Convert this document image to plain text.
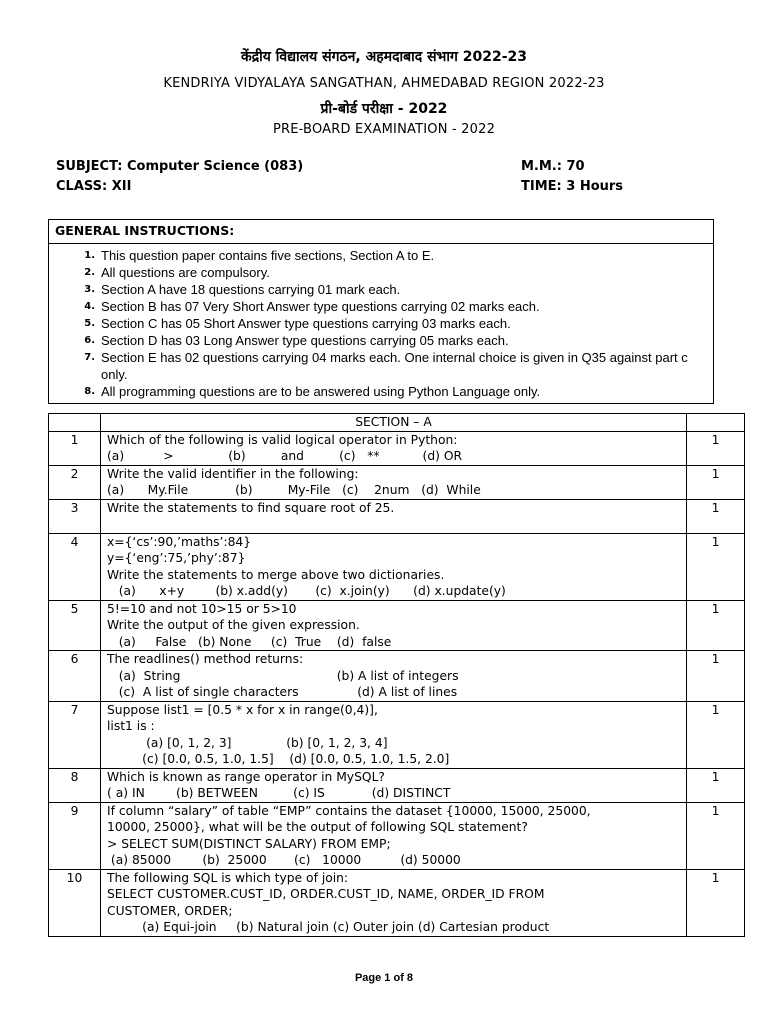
केंद्रीय विद्यालय संगठन, अहमदाबाद संभाग 2022-23
KENDRIYA VIDYALAYA SANGATHAN, AHMEDABAD REGION 2022-23
प्री-बोर्ड परीक्षा - 2022
PRE-BOARD EXAMINATION - 2022
SUBJECT: Computer Science (083)
CLASS: XII
M.M.: 70
TIME: 3 Hours
GENERAL INSTRUCTIONS:
1. This question paper contains five sections, Section A to E.
2. All questions are compulsory.
3. Section A have 18 questions carrying 01 mark each.
4. Section B has 07 Very Short Answer type questions carrying 02 marks each.
5. Section C has 05 Short Answer type questions carrying 03 marks each.
6. Section D has 03 Long Answer type questions carrying 05 marks each.
7. Section E has 02 questions carrying 04 marks each. One internal choice is given in Q35 against part c only.
8. All programming questions are to be answered using Python Language only.
	SECTION – A	
1	Which of the following is valid logical operator in Python:
(a)          >              (b)         and         (c)   **           (d) OR	1
2	Write the valid identifier in the following:
(a)      My.File            (b)         My-File   (c)    2num   (d)  While	1
3	Write the statements to find square root of 25.	1
4	x={‘cs’:90,’maths’:84}
y={‘eng’:75,’phy’:87}
Write the statements to merge above two dictionaries.
(a)      x+y        (b) x.add(y)       (c)  x.join(y)      (d) x.update(y)	1
5	5!=10 and not 10>15 or 5>10
Write the output of the given expression.
(a)     False   (b) None     (c)  True    (d)  false	1
6	The readlines() method returns:
(a)  String                                        (b) A list of integers
(c)  A list of single characters               (d) A list of lines	1
7	Suppose list1 = [0.5 * x for x in range(0,4)],
list1 is :
(a) [0, 1, 2, 3]              (b) [0, 1, 2, 3, 4]
(c) [0.0, 0.5, 1.0, 1.5]    (d) [0.0, 0.5, 1.0, 1.5, 2.0]	1
8	Which is known as range operator in MySQL?
( a) IN        (b) BETWEEN         (c) IS            (d) DISTINCT	1
9	If column “salary” of table “EMP” contains the dataset {10000, 15000, 25000,
10000, 25000}, what will be the output of following SQL statement?
> SELECT SUM(DISTINCT SALARY) FROM EMP;
(a) 85000        (b)  25000       (c)   10000          (d) 50000	1
10	The following SQL is which type of join:
SELECT CUSTOMER.CUST_ID, ORDER.CUST_ID, NAME, ORDER_ID FROM
CUSTOMER, ORDER;
(a) Equi-join     (b) Natural join (c) Outer join (d) Cartesian product	1
Page 1 of 8
